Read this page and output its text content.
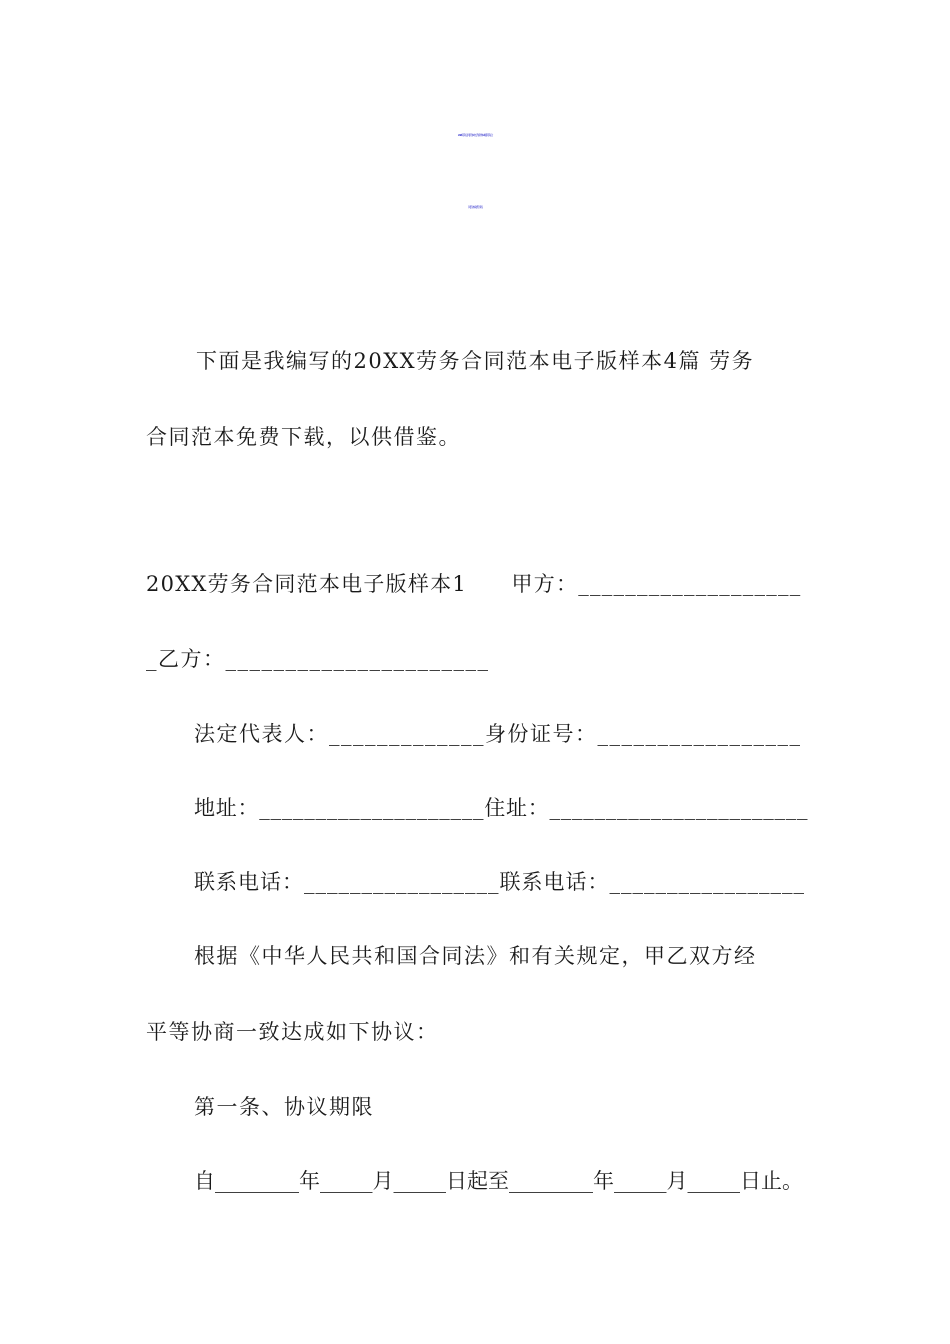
2024劳务合同范本电子版样本4篇 劳务合
同范本免费下载
下面是我编写的20XX劳务合同范本电子版样本4篇 劳务
合同范本免费下载，以供借鉴。
20XX劳务合同范本电子版样本1　　甲方：___________________
_乙方：______________________
法定代表人：_____________身份证号：_________________
地址：____________________住址：_______________________
联系电话：_________________联系电话：_________________
根据《中华人民共和国合同法》和有关规定，甲乙双方经
平等协商一致达成如下协议：
第一条、协议期限
自________年_____月_____日起至________年_____月_____日止。
